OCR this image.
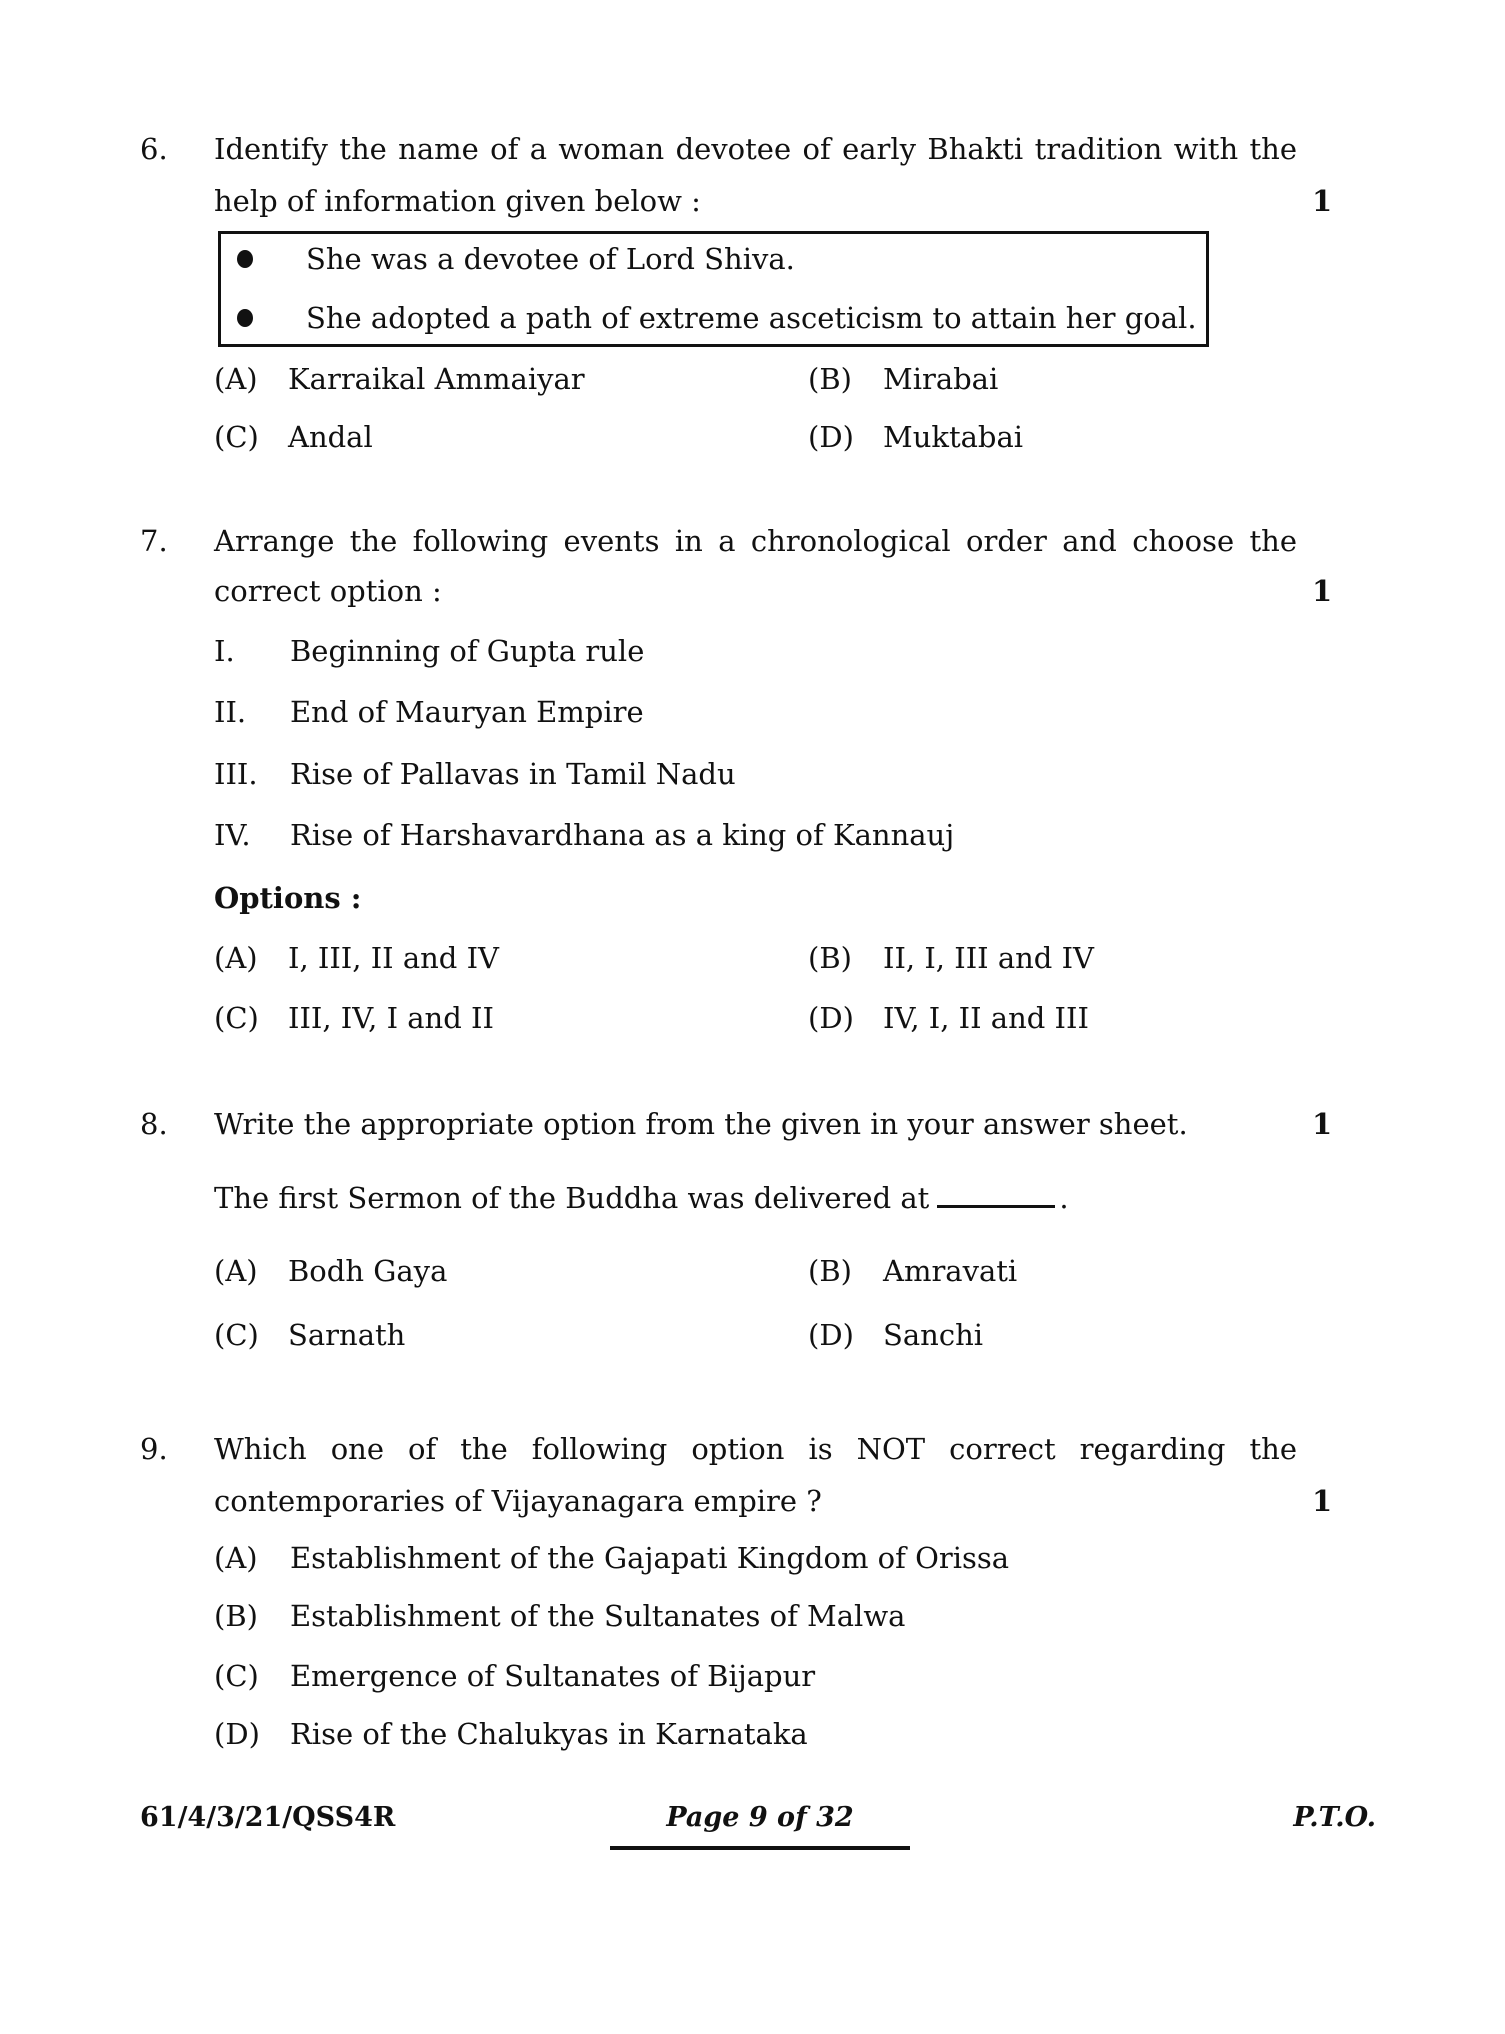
6. Identify the name of a woman devotee of early Bhakti tradition with the
help of information given below :	1
She was a devotee of Lord Shiva.
She adopted a path of extreme asceticism to attain her goal.
(A) Karraikal Ammaiyar	(B) Mirabai
(C) Andal	(D) Muktabai
7. Arrange the following events in a chronological order and choose the
correct option :	1
I. Beginning of Gupta rule
II. End of Mauryan Empire
III. Rise of Pallavas in Tamil Nadu
IV. Rise of Harshavardhana as a king of Kannauj
Options :
(A) I, III, II and IV	(B) II, I, III and IV
(C) III, IV, I and II	(D) IV, I, II and III
8. Write the appropriate option from the given in your answer sheet.	1
The first Sermon of the Buddha was delivered at	.
(A) Bodh Gaya	(B) Amravati
(C) Sarnath	(D) Sanchi
9. Which one of the following option is NOT correct regarding the
contemporaries of Vijayanagara empire ?	1
(A) Establishment of the Gajapati Kingdom of Orissa
(B) Establishment of the Sultanates of Malwa
(C) Emergence of Sultanates of Bijapur
(D) Rise of the Chalukyas in Karnataka
61/4/3/21/QSS4R	Page 9 of 32	P.T.O.
